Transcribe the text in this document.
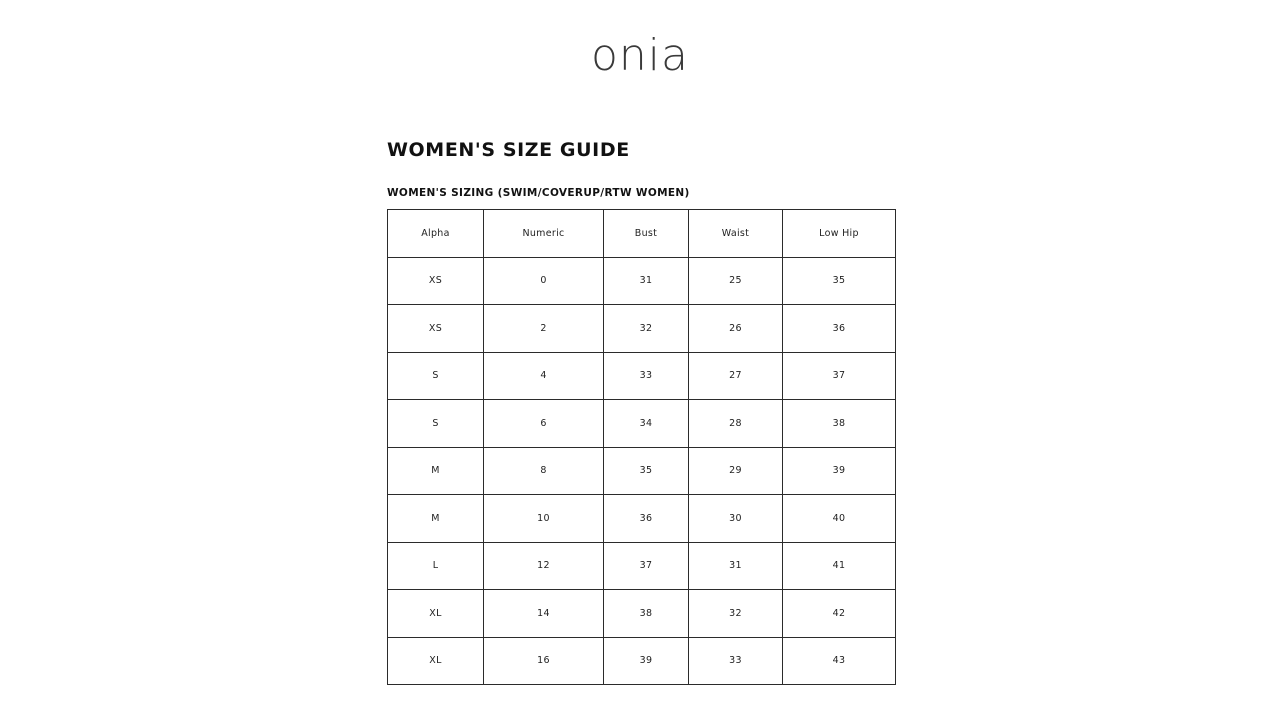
onia
WOMEN'S SIZE GUIDE
WOMEN'S SIZING (SWIM/COVERUP/RTW WOMEN)
Alpha	Numeric	Bust	Waist	Low Hip
XS	0	31	25	35
XS	2	32	26	36
S	4	33	27	37
S	6	34	28	38
M	8	35	29	39
M	10	36	30	40
L	12	37	31	41
XL	14	38	32	42
XL	16	39	33	43
